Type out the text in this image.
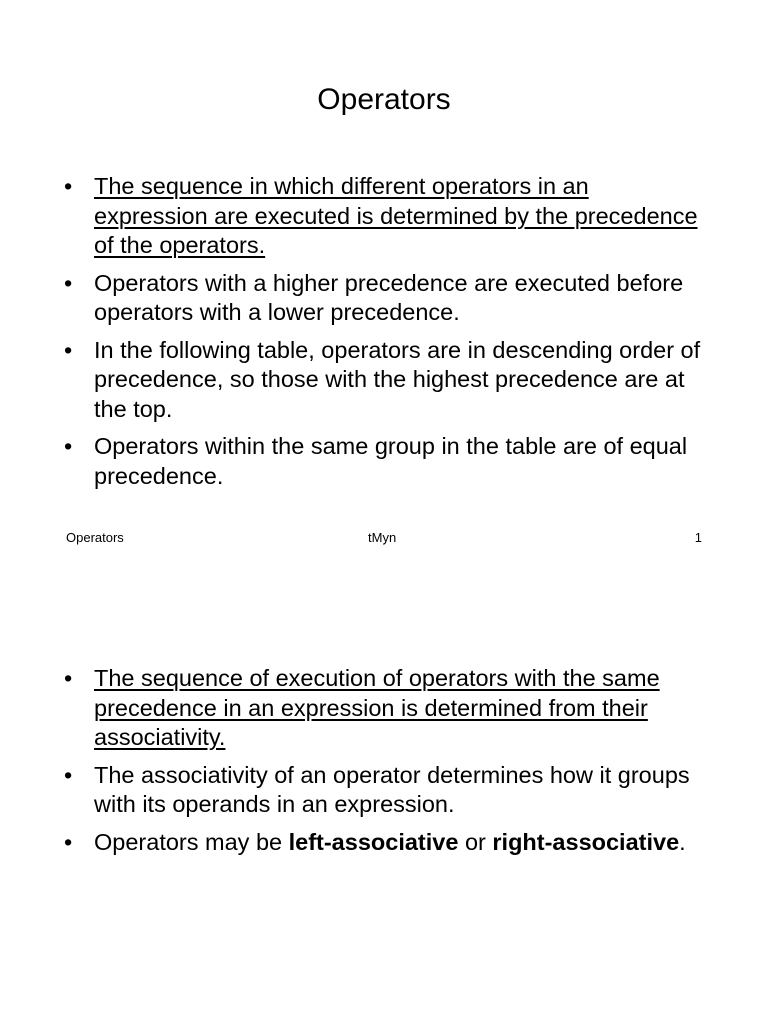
Operators
• The sequence in which different operators in an expression are executed is determined by the precedence of the operators.
• Operators with a higher precedence are executed before operators with a lower precedence.
• In the following table, operators are in descending order of precedence, so those with the highest precedence are at the top.
• Operators within the same group in the table are of equal precedence.
Operators	tMyn	1
• The sequence of execution of operators with the same precedence in an expression is determined from their associativity.
• The associativity of an operator determines how it groups with its operands in an expression.
• Operators may be left-associative or right-associative.
